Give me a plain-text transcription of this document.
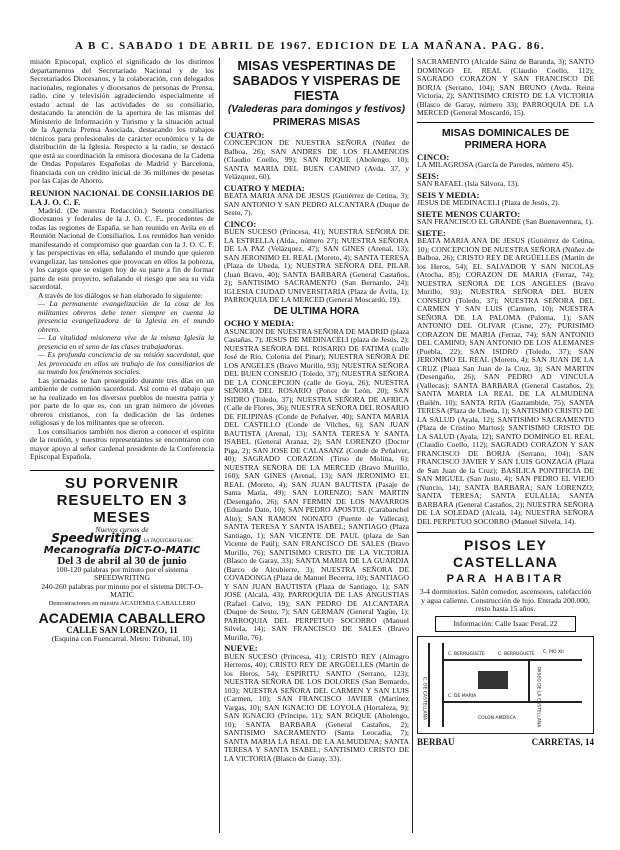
A B C. SABADO 1 DE ABRIL DE 1967. EDICION DE LA MAÑANA. PAG. 86.

misión Episcopal, explicó el significado de los distintos departamentos del Secretariado Nacional y de los Secretariados Diocesanos, y la colaboración, con delegados nacionales, regionales y diocesanos de personas de Prensa, radio, cine y televisión agradeciendo especialmente el estado actual de las actividades de su consiliario, destacando la atención de la apertura de las mismas del Ministerio de Información y Turismo y la situación actual de la Agencia Prensa Asociada, destacando los trabajos técnicos para profesionales de carácter económico y la de distribución de la Iglesia. Respecto a la radio, se destacó que está su coordinación la emisora diocesana de la Cadena de Ondas Populares Españolas de Madrid y Barcelona, financiada con un crédito inicial de 36 millones de pesetas por las Cajas de Ahorro.

REUNION NACIONAL DE CONSILIARIOS DE LA J. O. C. F.

Madrid. (De nuestra Redacción.) Setenta consiliarios diocesanos y federales de la J. O. C. F., procedentes de todas las regiones de España, se han reunido en Avila en el Reunión Nacional de Consiliarios. Los reunidos han venido manifestando el compromiso que guardan con la J. O. C. F. y las perspectivas en ella, señalando el mundo que quieren evangelizar, las tensiones que provocan en ellos la pobreza, y los cargos que se exigen hoy de su parte a fin de formar parte de este proyecto, señalando el riesgo que sea su vida sacerdotal.

A través de los diálogos se han elaborado lo siguiente:

— La permanente evangelización de la cosa de los militantes obreros debe tener siempre en cuenta la presencia evangelizadora de la Iglesia en el mundo obrero.

— La vitalidad misionera vive de la misma Iglesia la presencia en el seno de las clases trabajadoras.

— Es profunda conciencia de su misión sacerdotal, que les provocado en ellos un trabajo de los consiliarios de su mundo los fenómenos sociales.

Las jornadas se han proseguido durante tres días en un ambiente de comunión sacerdotal. Así como el trabajo que se ha realizado en los diversos pueblos de nuestra patria y por parte de lo que es, con un gran número de jóvenes obreros cristianos, con la dedicación de las órdenes religiosas y de los militantes que se ofrecen.

Los consiliarios también nos dieron a conocer el espíritu de la reunión, y nuestros representantes se encontraron con mayor apoyo al señor cardenal presidente de la Conferencia Episcopal Española.

SU PORVENIR
RESUELTO EN 3 MESES
Nuevos cursos de
Speedwriting LA TAQUIGRAFIA ABC
Mecanografía DICT-O-MATIC
Del 3 de abril al 30 de junio
100-120 palabras por minuto por el sistema SPEEDWRITING
240-260 palabras por minuto por el sistema DICT-O-MATIC
Demostraciones en nuestra ACADEMIA CABALLERO
ACADEMIA CABALLERO
CALLE SAN LORENZO, 11
(Esquina con Fuencarral. Metro: Tribunal, 10)
MISAS VESPERTINAS DE SABADOS Y VISPERAS DE FIESTA
(Valederas para domingos y festivos)
PRIMERAS MISAS

CUATRO:

CONCEPCION DE NUESTRA SEÑORA (Núñez de Balboa, 26); SAN ANDRES DE LOS FLAMENCOS (Claudio Coello, 99); SAN ROQUE (Abolengo, 10); SANTA MARIA DEL BUEN CAMINO (Avda. 37, y Velázquez, 60).

CUATRO Y MEDIA:

BEATA MARIA ANA DE JESUS (Gutiérrez de Cetina, 3); SAN ANTONIO Y SAN PEDRO ALCANTARA (Duque de Sesto, 7).

CINCO:

BUEN SUCESO (Princesa, 41); NUESTRA SEÑORA DE LA ESTRELLA (Alda., número 27); NUESTRA SEÑORA DE LA PAZ (Velázquez, 47); SAN GINES (Arenal, 13); SAN JERONIMO EL REAL (Moreto, 4); SANTA TERESA (Plaza de Ubeda, 1); NUESTRA SEÑORA DEL PILAR (Juan Bravo, 40); SANTA BARBARA (General Castaños, 2); SANTISIMO SACRAMENTO (San Bernardo, 24); IGLESIA CIUDAD UNIVERSITARIA (Plaza de Ávila, 1); PARROQUIA DE LA MERCED (General Moscardó, 19).

DE ULTIMA HORA

OCHO Y MEDIA:

ASUNCION DE NUESTRA SEÑORA DE MADRID (plaza Castañas, 7); JESUS DE MEDINACELI (plaza de Jesús, 2); NUESTRA SEÑORA DEL ROSARIO DE FATIMA (calle José de Río, Colonia del Pinar); NUESTRA SEÑORA DE LOS ANGELES (Bravo Murillo, 93); NUESTRA SEÑORA DEL BUEN CONSEJO (Toledo, 37); NUESTRA SEÑORA DE LA CONCEPCION (calle de Goya, 26); NUESTRA SEÑORA DEL ROSARIO (Ponce de León, 20); SAN ISIDRO (Toledo, 37); NUESTRA SEÑORA DE AFRICA (Calle de Flores, 36); NUESTRA SEÑORA DEL ROSARIO DE FILIPINAS (Conde de Peñalver, 40); SANTA MARIA DEL CASTILLO (Conde de Vilches, 6); SAN JUAN BAUTISTA (Arenal, 13); SANTA TERESA Y SANTA ISABEL (General Aranaz, 2); SAN LORENZO (Doctor Piga, 2); SAN JOSE DE CALASANZ (Conde de Peñalver, 40); SAGRADO CORAZON (Tirso de Molina, 6); NUESTRA SEÑORA DE LA MERCED (Bravo Murillo, 160); SAN GINES (Arenal, 13); SAN JERONIMO EL REAL (Moreto, 4); SAN JUAN BAUTISTA (Pasaje de Santa María, 49); SAN LORENZO; SAN MARTIN (Desengaño, 26); SAN FERMIN DE LOS NAVARROS (Eduardo Dato, 10); SAN PEDRO APOSTOL (Carabanchel Alto); SAN RAMON NONATO (Puente de Vallecas); SANTA TERESA Y SANTA ISABEL; SANTIAGO (Plaza Santiago, 1); SAN VICENTE DE PAUL (plaza de San Vicente de Paúl); SAN FRANCISCO DE SALES (Bravo Murillo, 76); SANTISIMO CRISTO DE LA VICTORIA (Blasco de Garay, 33); SANTA MARIA DE LA GUARDIA (Barco de Alcubierre, 3); NUESTRA SEÑORA DE COVADONGA (Plaza de Manuel Becerra, 10); SANTIAGO Y SAN JUAN BAUTISTA (Plaza de Santiago, 1); SAN JOSE (Alcalá, 43); PARROQUIA DE LAS ANGUSTIAS (Rafael Calvo, 19); SAN PEDRO DE ALCANTARA (Duque de Sesto, 7); SAN GERMAN (General Yagüe, 1); PARROQUIA DEL PERPETUO SOCORRO (Manuel Silvela, 14); SAN FRANCISCO DE SALES (Bravo Murillo, 76).

NUEVE:

BUEN SUCESO (Princesa, 41); CRISTO REY (Almagro Herreros, 40); CRISTO REY DE ARGÜELLES (Martín de los Heros, 54); ESPIRITU SANTO (Serrano, 123); NUESTRA SEÑORA DE LOS DOLORES (San Bernardo, 103); NUESTRA SEÑORA DEL CARMEN Y SAN LUIS (Carmen, 10); SAN FRANCISCO JAVIER (Martínez Vargas, 10); SAN IGNACIO DE LOYOLA (Hortaleza, 9); SAN IGNACIO (Príncipe, 11); SAN ROQUE (Abolengo, 10); SANTA BARBARA (General Castaños, 2); SANTISIMO SACRAMENTO (Santa Leocadia, 7); SANTA MARIA LA REAL DE LA ALMUDENA; SANTA TERESA Y SANTA ISABEL; SANTISIMO CRISTO DE LA VICTORIA (Blasco de Garay, 33).

SACRAMENTO (Alcalde Sáinz de Baranda, 3); SANTO DOMINGO EL REAL (Claudio Coello, 112); SAGRADO CORAZON Y SAN FRANCISCO DE BORJA (Serrano, 104); SAN BRUNO (Avda. Reina Victoria, 2); SANTISIMO CRISTO DE LA VICTORIA (Blasco de Garay, número 33); PARROQUIA DE LA MERCED (General Moscardó, 15).

MISAS DOMINICALES DE PRIMERA HORA

CINCO:

LA MILAGROSA (García de Paredes, número 45).

SEIS:

SAN RAFAEL (Isla Sálvora, 13).

SEIS Y MEDIA:

JESUS DE MEDINACELI (Plaza de Jesús, 2).

SIETE MENOS CUARTO:

SAN FRANCISCO EL GRANDE (San Buenaventura, 1).

SIETE:

BEATA MARIA ANA DE JESUS (Gutiérrez de Cetina, 10); CONCEPCION DE NUESTRA SEÑORA (Núñez de Balboa, 26); CRISTO REY DE ARGÜELLES (Martín de los Heros, 54); EL SALVADOR Y SAN NICOLAS (Atocha, 85); CORAZON DE MARIA (Ferraz, 74); NUESTRA SEÑORA DE LOS ANGELES (Bravo Murillo, 93); NUESTRA SEÑORA DEL BUEN CONSEJO (Toledo, 37); NUESTRA SEÑORA DEL CARMEN Y SAN LUIS (Carmen, 10); NUESTRA SEÑORA DE LA PALOMA (Paloma, 1); SAN ANTONIO DEL OLIVAR (Cisne, 27); PURISIMO CORAZON DE MARIA (Ferraz, 74); SAN ANTONIO DEL CAMINO; SAN ANTONIO DE LOS ALEMANES (Puebla, 22); SAN ISIDRO (Toledo, 37); SAN JERONIMO EL REAL (Moreto, 4); SAN JUAN DE LA CRUZ (Plaza San Juan de la Cruz, 3); SAN MARTIN (Desengaño, 26); SAN PEDRO AD VINCULA (Vallecas); SANTA BARBARA (General Castaños, 2); SANTA MARIA LA REAL DE LA ALMUDENA (Bailén, 10); SANTA RITA (Gaztambide, 75); SANTA TERESA (Plaza de Ubeda, 1); SANTISIMO CRISTO DE LA SALUD (Ayala, 12); SANTISIMO SACRAMENTO (Plaza de Cristino Martos); SANTISIMO CRISTO DE LA SALUD (Ayala, 12); SANTO DOMINGO EL REAL (Claudio Coello, 112); SAGRADO CORAZON Y SAN FRANCISCO DE BORJA (Serrano, 104); SAN FRANCISCO JAVIER Y SAN LUIS GONZAGA (Plaza de San Juan de la Cruz); BASILICA PONTIFICIA DE SAN MIGUEL (San Justo, 4); SAN PEDRO EL VIEJO (Nuncio, 14); SANTA BARBARA; SAN LORENZO; SANTA TERESA; SANTA EULALIA; SANTA BARBARA (General Castaños, 2); NUESTRA SEÑORA DE LA SOLEDAD (Alcalá, 14); NUESTRA SEÑORA DEL PERPETUO SOCORRO (Manuel Silvela, 14).

PISOS LEY CASTELLANA
PARA HABITAR

3-4 dormitorios. Salón comedor, ascensores, calefacción y agua caliente. Construcción de lujo. Entrada 200.000, resto hasta 15 años.

Información: Calle Isaac Peral, 22
C. BERRUGUETE
C. DE CASTELLANA
C. BERRUGUETE
PASEO DE LA CASTELLANA
C. PIO XII
C. DE MARIA
COLON AMERICA
BERBAU	CARRETAS, 14
